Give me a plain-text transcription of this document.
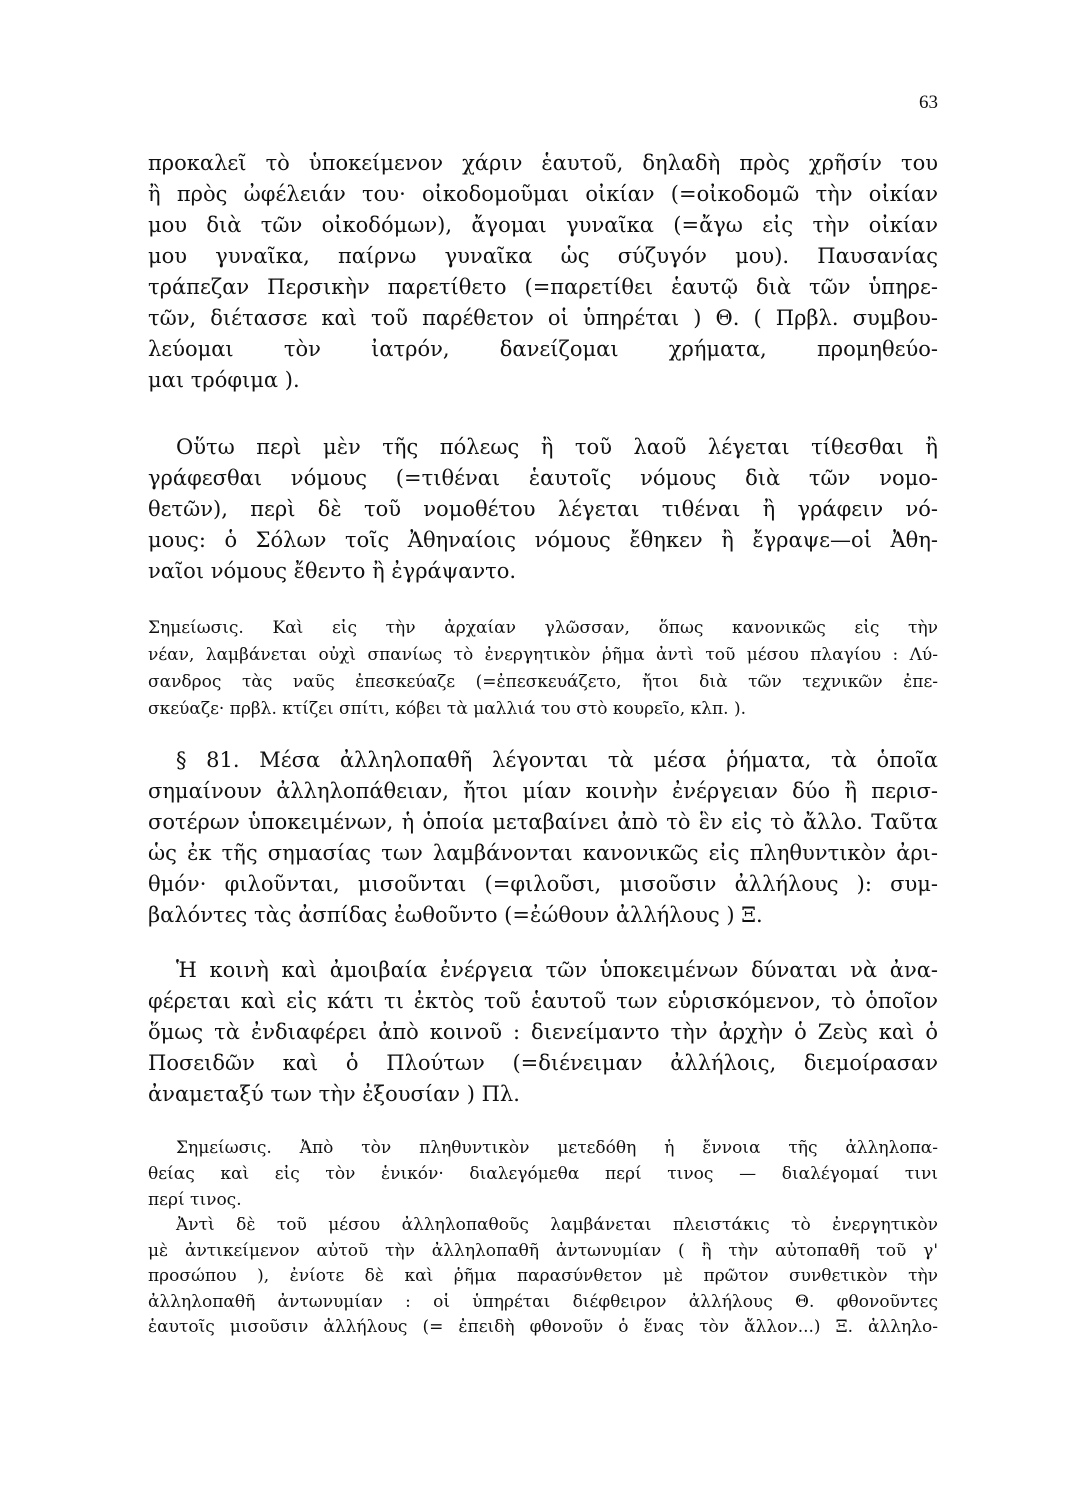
63
προκαλεῖ τὸ ὑποκείμενον χάριν ἑαυτοῦ, δηλαδὴ πρὸς χρῆσίν του
ἢ πρὸς ὠφέλειάν του· οἰκοδομοῦμαι οἰκίαν (=οἰκοδομῶ τὴν οἰκίαν
μου διὰ τῶν οἰκοδόμων), ἄγομαι γυναῖκα (=ἄγω εἰς τὴν οἰκίαν
μου γυναῖκα, παίρνω γυναῖκα ὡς σύζυγόν μου). Παυσανίας
τράπεζαν Περσικὴν παρετίθετο (=παρετίθει ἑαυτῷ διὰ τῶν ὑπηρε-
τῶν, διέτασσε καὶ τοῦ παρέθετον οἱ ὑπηρέται ) Θ. ( Πρβλ. συμβου-
λεύομαι τὸν ἰατρόν, δανείζομαι χρήματα, προμηθεύο-
μαι τρόφιμα ).
Οὕτω περὶ μὲν τῆς πόλεως ἢ τοῦ λαοῦ λέγεται τίθεσθαι ἢ
γράφεσθαι νόμους (=τιθέναι ἑαυτοῖς νόμους διὰ τῶν νομο-
θετῶν), περὶ δὲ τοῦ νομοθέτου λέγεται τιθέναι ἢ γράφειν νό-
μους: ὁ Σόλων τοῖς Ἀθηναίοις νόμους ἔθηκεν ἢ ἔγραψε—οἱ Ἀθη-
ναῖοι νόμους ἔθεντο ἢ ἐγράψαντο.
Σημείωσις. Καὶ εἰς τὴν ἀρχαίαν γλῶσσαν, ὅπως κανονικῶς εἰς τὴν
νέαν, λαμβάνεται οὐχὶ σπανίως τὸ ἐνεργητικὸν ῥῆμα ἀντὶ τοῦ μέσου πλαγίου : Λύ-
σανδρος τὰς ναῦς ἐπεσκεύαζε (=ἐπεσκευάζετο, ἤτοι διὰ τῶν τεχνικῶν ἐπε-
σκεύαζε· πρβλ. κτίζει σπίτι, κόβει τὰ μαλλιά του στὸ κουρεῖο, κλπ. ).
§ 81. Μέσα ἀλληλοπαθῆ λέγονται τὰ μέσα ῥήματα, τὰ ὁποῖα
σημαίνουν ἀλληλοπάθειαν, ἤτοι μίαν κοινὴν ἐνέργειαν δύο ἢ περισ-
σοτέρων ὑποκειμένων, ἡ ὁποία μεταβαίνει ἀπὸ τὸ ἓν εἰς τὸ ἄλλο. Ταῦτα
ὡς ἐκ τῆς σημασίας των λαμβάνονται κανονικῶς εἰς πληθυντικὸν ἀρι-
θμόν· φιλοῦνται, μισοῦνται (=φιλοῦσι, μισοῦσιν ἀλλήλους ): συμ-
βαλόντες τὰς ἀσπίδας ἐωθοῦντο (=ἐώθουν ἀλλήλους ) Ξ.
Ἡ κοινὴ καὶ ἀμοιβαία ἐνέργεια τῶν ὑποκειμένων δύναται νὰ ἀνα-
φέρεται καὶ εἰς κάτι τι ἐκτὸς τοῦ ἑαυτοῦ των εὑρισκόμενον, τὸ ὁποῖον
ὅμως τὰ ἐνδιαφέρει ἀπὸ κοινοῦ : διενείμαντο τὴν ἀρχὴν ὁ Ζεὺς καὶ ὁ
Ποσειδῶν καὶ ὁ Πλούτων (=διένειμαν ἀλλήλοις, διεμοίρασαν
ἀναμεταξύ των τὴν ἐξουσίαν ) Πλ.
Σημείωσις. Ἀπὸ τὸν πληθυντικὸν μετεδόθη ἡ ἔννοια τῆς ἀλληλοπα-
θείας καὶ εἰς τὸν ἑνικόν· διαλεγόμεθα περί τινος — διαλέγομαί τινι
περί τινος.
Ἀντὶ δὲ τοῦ μέσου ἀλληλοπαθοῦς λαμβάνεται πλειστάκις τὸ ἐνεργητικὸν
μὲ ἀντικείμενον αὐτοῦ τὴν ἀλληλοπαθῆ ἀντωνυμίαν ( ἢ τὴν αὐτοπαθῆ τοῦ γ'
προσώπου ), ἐνίοτε δὲ καὶ ῥῆμα παρασύνθετον μὲ πρῶτον συνθετικὸν τὴν
ἀλληλοπαθῆ ἀντωνυμίαν : οἱ ὑπηρέται διέφθειρον ἀλλήλους Θ. φθονοῦντες
ἑαυτοῖς μισοῦσιν ἀλλήλους (= ἐπειδὴ φθονοῦν ὁ ἕνας τὸν ἄλλον...) Ξ. ἀλληλο-
